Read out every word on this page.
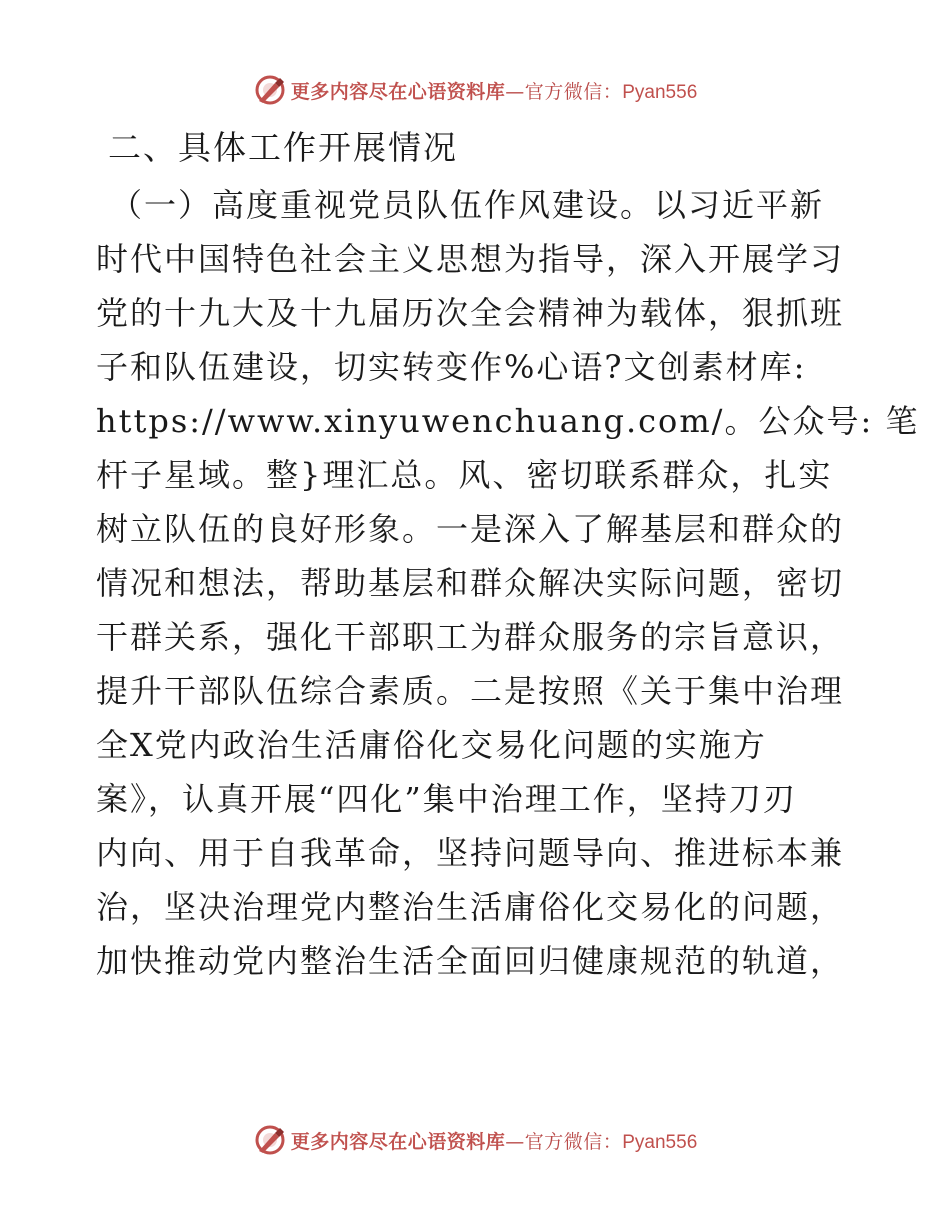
更多内容尽在心语资料库—官方微信：Pyan556
二、具体工作开展情况

（一）高度重视党员队伍作风建设。以习近平新
时代中国特色社会主义思想为指导，深入开展学习
党的十九大及十九届历次全会精神为载体，狠抓班
子和队伍建设，切实转变作%心语?文创素材库:
https://www.xinyuwenchuang.com/。公众号: 笔
杆子星域。整}理汇总。风、密切联系群众，扎实
树立队伍的良好形象。一是深入了解基层和群众的
情况和想法，帮助基层和群众解决实际问题，密切
干群关系，强化干部职工为群众服务的宗旨意识，
提升干部队伍综合素质。二是按照《关于集中治理
全X党内政治生活庸俗化交易化问题的实施方
案》，认真开展“四化”集中治理工作，坚持刀刃
内向、用于自我革命，坚持问题导向、推进标本兼
治，坚决治理党内整治生活庸俗化交易化的问题，
加快推动党内整治生活全面回归健康规范的轨道，

更多内容尽在心语资料库—官方微信：Pyan556
